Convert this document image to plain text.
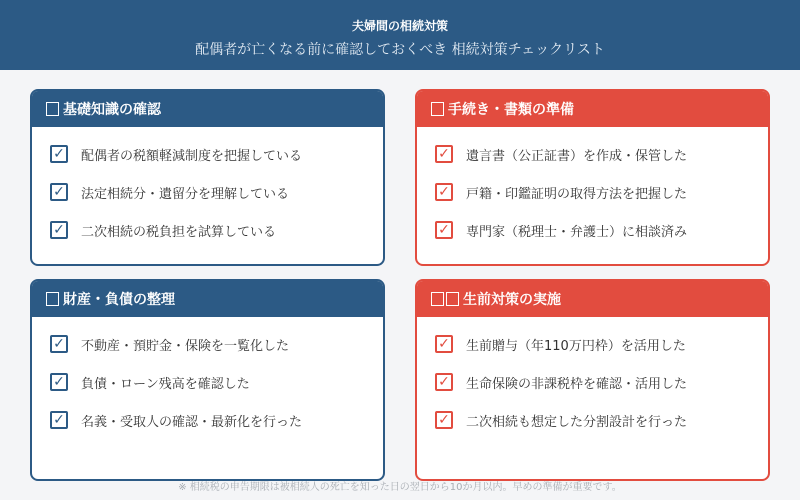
夫婦間の相続対策
配偶者が亡くなる前に確認しておくべき 相続対策チェックリスト
基礎知識の確認
✓ 配偶者の税額軽減制度を把握している
✓ 法定相続分・遺留分を理解している
✓ 二次相続の税負担を試算している
手続き・書類の準備
✓ 遺言書（公正証書）を作成・保管した
✓ 戸籍・印鑑証明の取得方法を把握した
✓ 専門家（税理士・弁護士）に相談済み
財産・負債の整理
✓ 不動産・預貯金・保険を一覧化した
✓ 負債・ローン残高を確認した
✓ 名義・受取人の確認・最新化を行った
生前対策の実施
✓ 生前贈与（年110万円枠）を活用した
✓ 生命保険の非課税枠を確認・活用した
✓ 二次相続も想定した分割設計を行った
※ 相続税の申告期限は被相続人の死亡を知った日の翌日から10か月以内。早めの準備が重要です。
